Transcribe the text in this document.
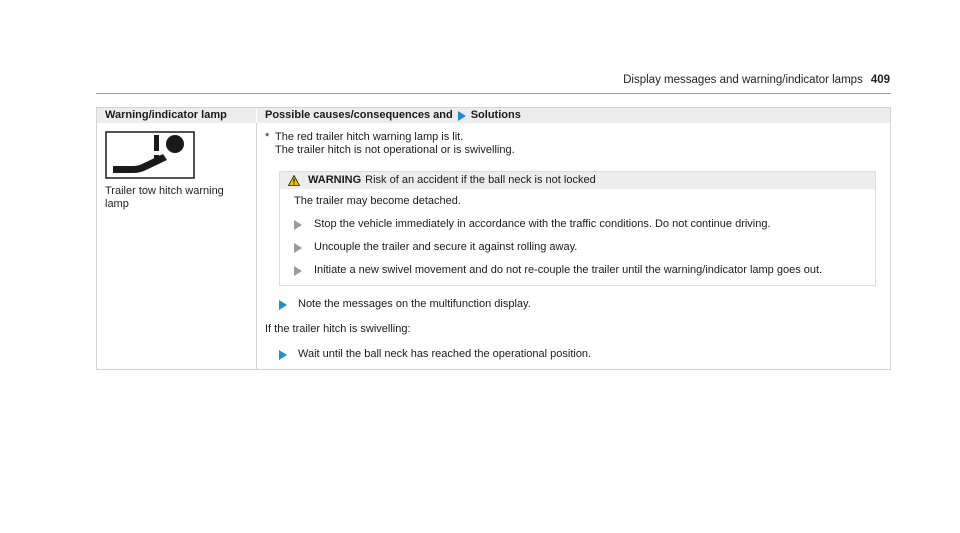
Display messages and warning/indicator lamps 409
Warning/indicator lamp	Possible causes/consequences and Solutions
Trailer tow hitch warning
lamp
* The red trailer hitch warning lamp is lit.
The trailer hitch is not operational or is swivelling.
WARNING Risk of an accident if the ball neck is not locked
The trailer may become detached.
Stop the vehicle immediately in accordance with the traffic conditions. Do not continue driving.
Uncouple the trailer and secure it against rolling away.
Initiate a new swivel movement and do not re-couple the trailer until the warning/indicator lamp goes out.
Note the messages on the multifunction display.
If the trailer hitch is swivelling:
Wait until the ball neck has reached the operational position.
